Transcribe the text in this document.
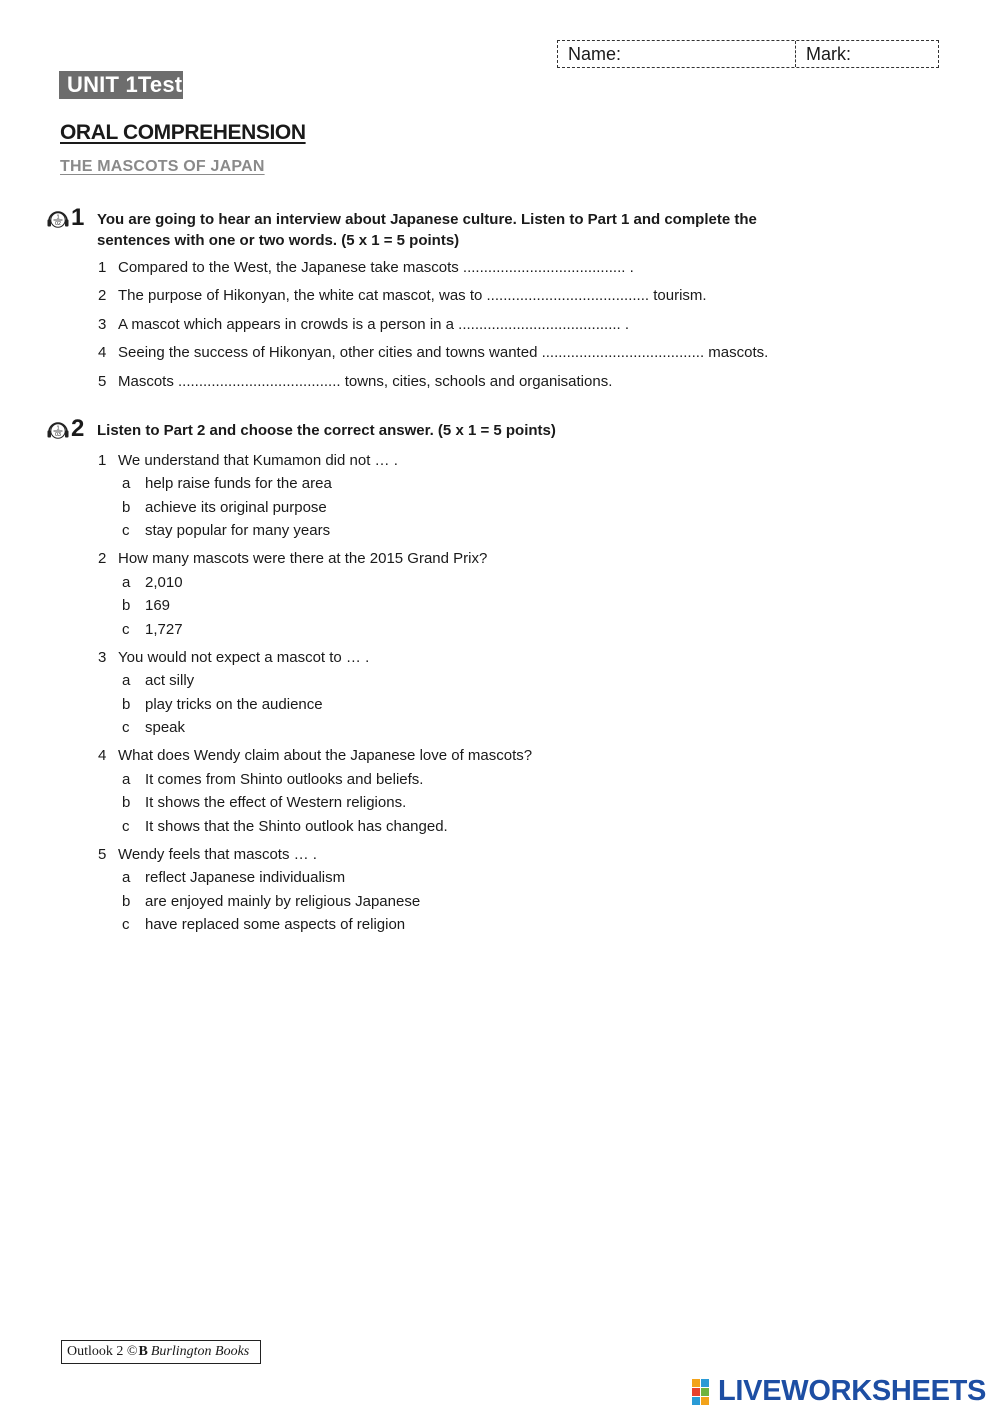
Name:	Mark:
UNIT 1Test
ORAL COMPREHENSION
THE MASCOTS OF JAPAN
1
02 1 You are going to hear an interview about Japanese culture. Listen to Part 1 and complete the
sentences with one or two words. (5 x 1 = 5 points)
1 Compared to the West, the Japanese take mascots ....................................... .
2 The purpose of Hikonyan, the white cat mascot, was to ....................................... tourism.
3 A mascot which appears in crowds is a person in a ....................................... .
4 Seeing the success of Hikonyan, other cities and towns wanted ....................................... mascots.
5 Mascots ....................................... towns, cities, schools and organisations.
1
03 2 Listen to Part 2 and choose the correct answer. (5 x 1 = 5 points)
1 We understand that Kumamon did not … .
a help raise funds for the area
b achieve its original purpose
c stay popular for many years
2 How many mascots were there at the 2015 Grand Prix?
a 2,010
b 169
c 1,727
3 You would not expect a mascot to … .
a act silly
b play tricks on the audience
c speak
4 What does Wendy claim about the Japanese love of mascots?
a It comes from Shinto outlooks and beliefs.
b It shows the effect of Western religions.
c It shows that the Shinto outlook has changed.
5 Wendy feels that mascots … .
a reflect Japanese individualism
b are enjoyed mainly by religious Japanese
c have replaced some aspects of religion
Outlook 2 © B Burlington Books
LIVEWORKSHEETS
